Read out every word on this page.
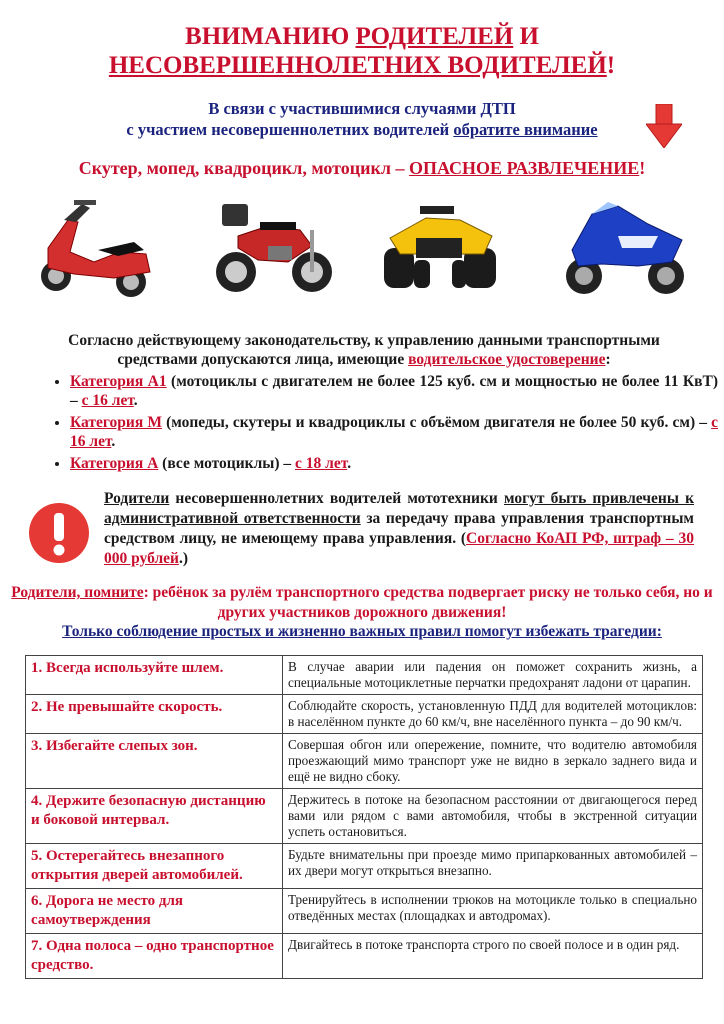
ВНИМАНИЮ РОДИТЕЛЕЙ И
НЕСОВЕРШЕННОЛЕТНИХ ВОДИТЕЛЕЙ!
В связи с участившимися случаями ДТП
с участием несовершеннолетних водителей обратите внимание
Скутер, мопед, квадроцикл, мотоцикл – ОПАСНОЕ РАЗВЛЕЧЕНИЕ!
Согласно действующему законодательству, к управлению данными транспортными средствами допускаются лица, имеющие водительское удостоверение:
• Категория А1 (мотоциклы с двигателем не более 125 куб. см и мощностью не более 11 КвТ) – с 16 лет.
• Категория М (мопеды, скутеры и квадроциклы с объёмом двигателя не более 50 куб. см) – с 16 лет.
• Категория А (все мотоциклы) – с 18 лет.
Родители несовершеннолетних водителей мототехники могут быть привлечены к административной ответственности за передачу права управления транспортным средством лицу, не имеющему права управления. (Согласно КоАП РФ, штраф – 30 000 рублей.)
Родители, помните: ребёнок за рулём транспортного средства подвергает риску не только себя, но и других участников дорожного движения!
Только соблюдение простых и жизненно важных правил помогут избежать трагедии:
1. Всегда используйте шлем.	В случае аварии или падения он поможет сохранить жизнь, а специальные мотоциклетные перчатки предохранят ладони от царапин.
2. Не превышайте скорость.	Соблюдайте скорость, установленную ПДД для водителей мотоциклов: в населённом пункте до 60 км/ч, вне населённого пункта – до 90 км/ч.
3. Избегайте слепых зон.	Совершая обгон или опережение, помните, что водителю автомобиля проезжающий мимо транспорт уже не видно в зеркало заднего вида и ещё не видно сбоку.
4. Держите безопасную дистанцию и боковой интервал.	Держитесь в потоке на безопасном расстоянии от двигающегося перед вами или рядом с вами автомобиля, чтобы в экстренной ситуации успеть остановиться.
5. Остерегайтесь внезапного открытия дверей автомобилей.	Будьте внимательны при проезде мимо припаркованных автомобилей – их двери могут открыться внезапно.
6. Дорога не место для самоутверждения	Тренируйтесь в исполнении трюков на мотоцикле только в специально отведённых местах (площадках и автодромах).
7. Одна полоса – одно транспортное средство.	Двигайтесь в потоке транспорта строго по своей полосе и в один ряд.
